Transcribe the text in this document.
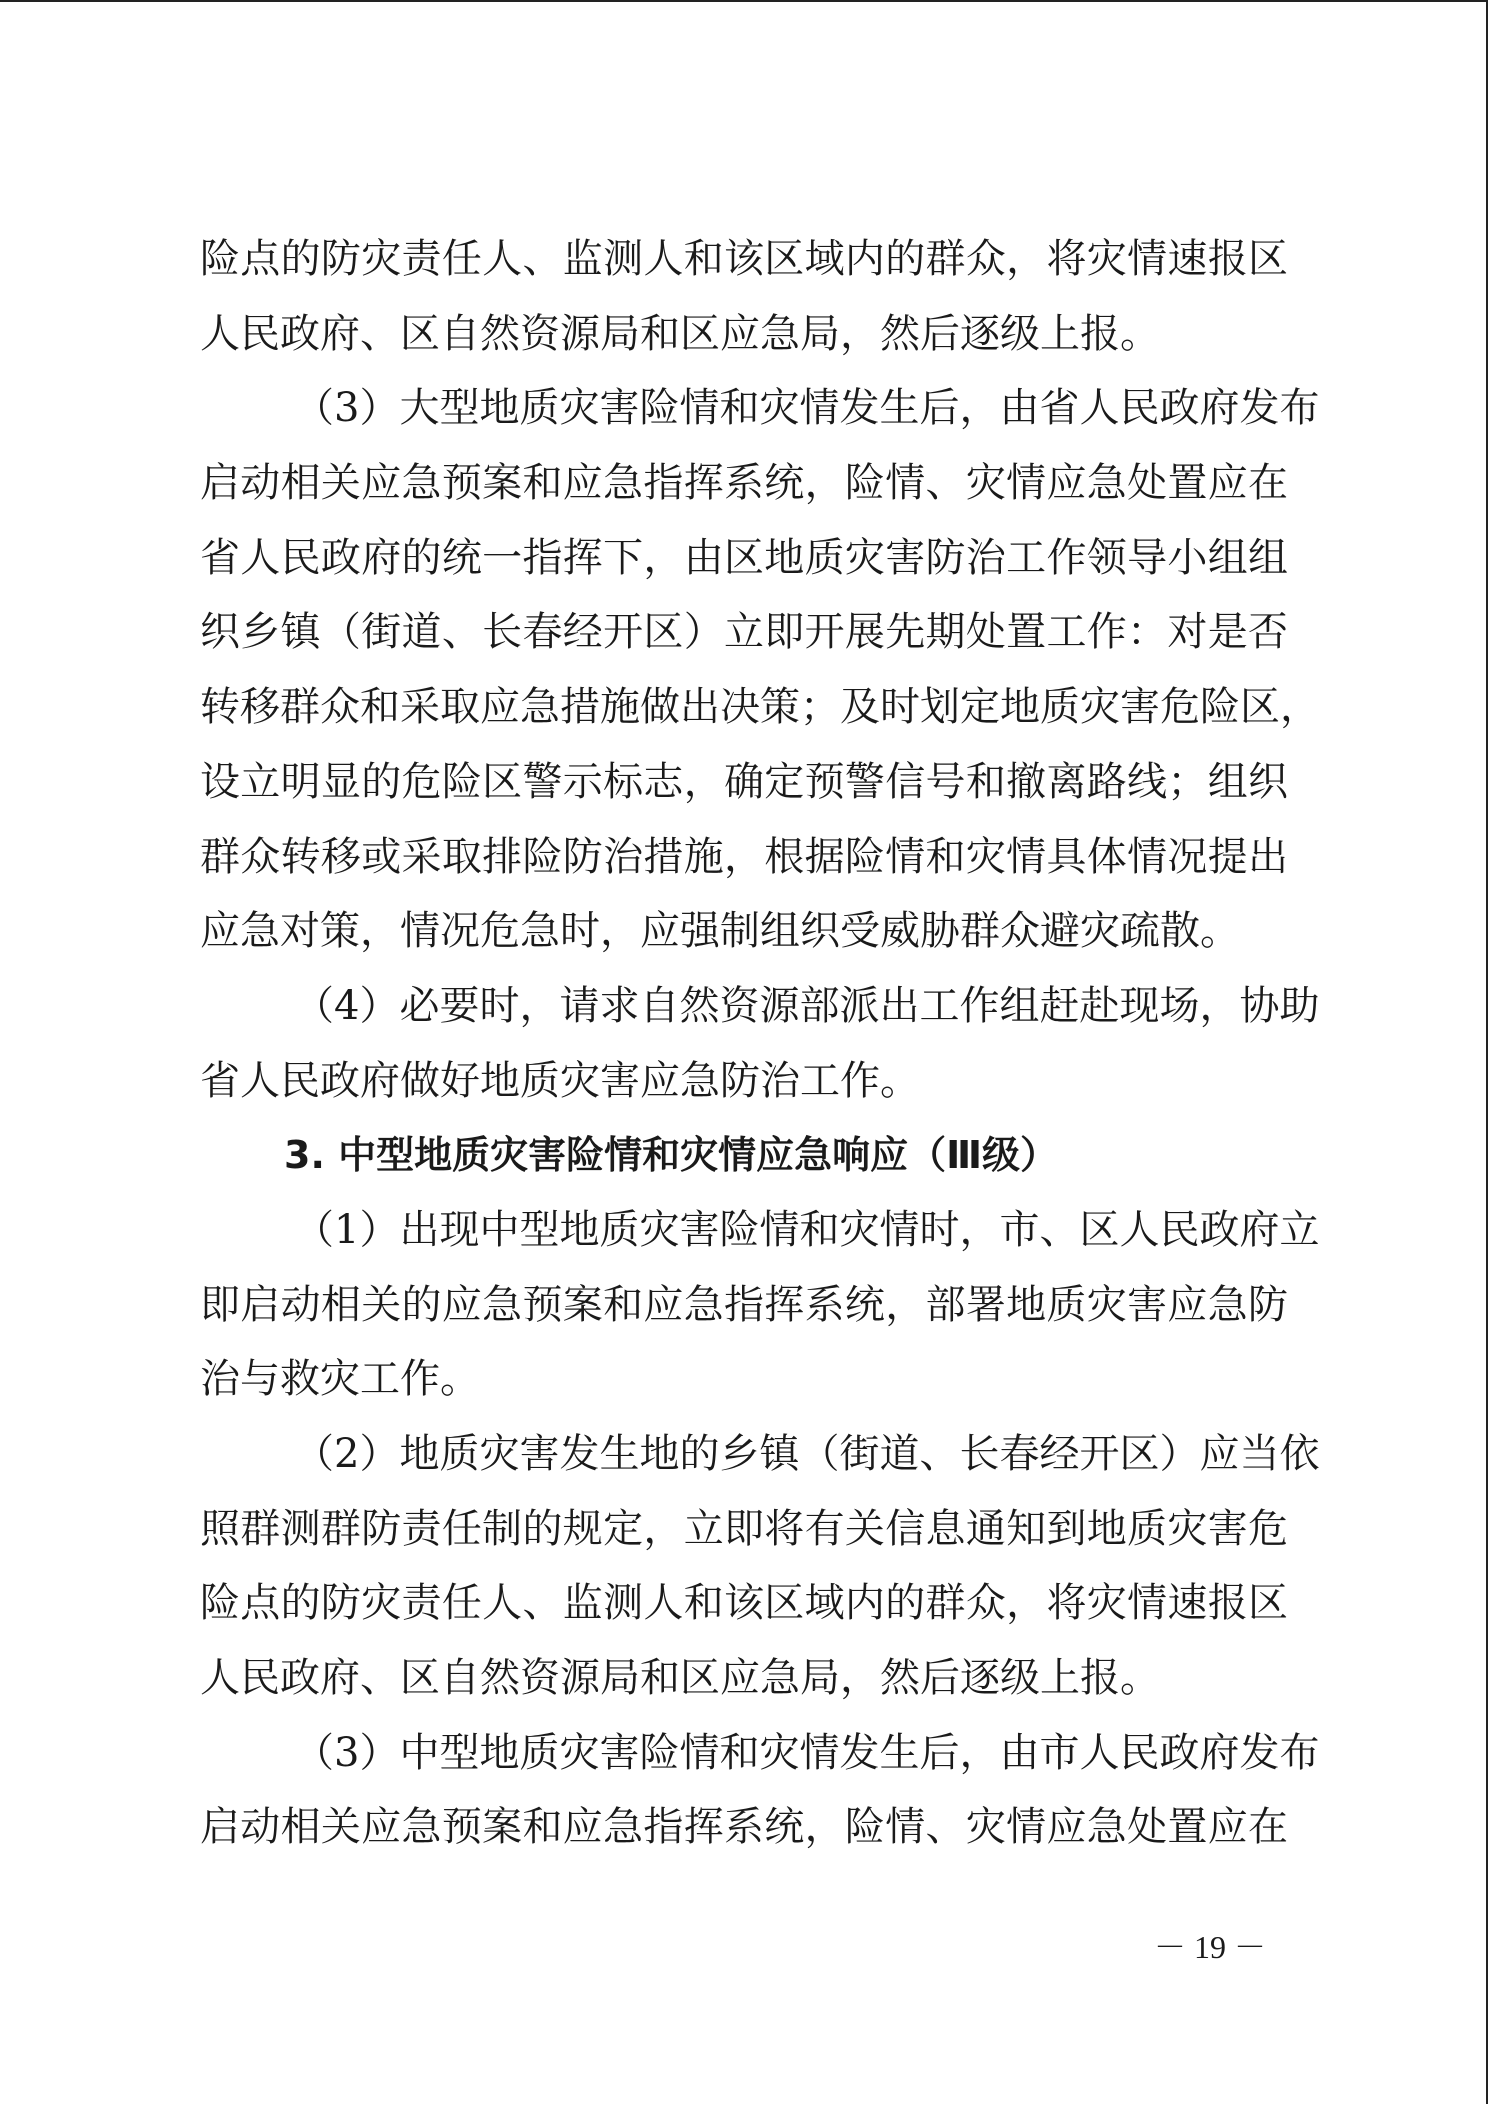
险点的防灾责任人、监测人和该区域内的群众，将灾情速报区
人民政府、区自然资源局和区应急局，然后逐级上报。
（3）大型地质灾害险情和灾情发生后，由省人民政府发布
启动相关应急预案和应急指挥系统，险情、灾情应急处置应在
省人民政府的统一指挥下，由区地质灾害防治工作领导小组组
织乡镇（街道、长春经开区）立即开展先期处置工作：对是否
转移群众和采取应急措施做出决策；及时划定地质灾害危险区，
设立明显的危险区警示标志，确定预警信号和撤离路线；组织
群众转移或采取排险防治措施，根据险情和灾情具体情况提出
应急对策，情况危急时，应强制组织受威胁群众避灾疏散。
（4）必要时，请求自然资源部派出工作组赶赴现场，协助
省人民政府做好地质灾害应急防治工作。
3. 中型地质灾害险情和灾情应急响应（Ⅲ级）
（1）出现中型地质灾害险情和灾情时，市、区人民政府立
即启动相关的应急预案和应急指挥系统，部署地质灾害应急防
治与救灾工作。
（2）地质灾害发生地的乡镇（街道、长春经开区）应当依
照群测群防责任制的规定，立即将有关信息通知到地质灾害危
险点的防灾责任人、监测人和该区域内的群众，将灾情速报区
人民政府、区自然资源局和区应急局，然后逐级上报。
（3）中型地质灾害险情和灾情发生后，由市人民政府发布
启动相关应急预案和应急指挥系统，险情、灾情应急处置应在
－ 19 －
